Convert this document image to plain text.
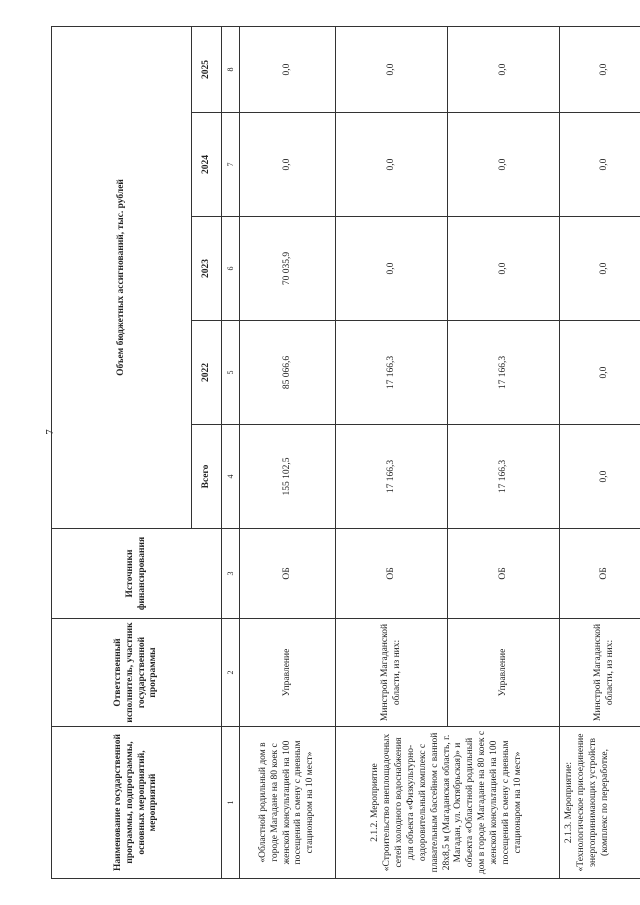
7
Наименование государственной программы, подпрограммы, основных мероприятий, мероприятий	Ответственный исполнитель, участник государственной программы	Источники финансирования	Объем бюджетных ассигнований, тыс. рублей				
			Всего	2022	2023	2024	2025
1	2	3	4	5	6	7	8
«Областной родильный дом в городе Магадане на 80 коек с женской консультацией на 100 посещений в смену с дневным стационаром на 10 мест»	Управление	ОБ	155 102,5	85 066,6	70 035,9	0,0	0,0
2.1.2. Мероприятие «Строительство внеплощадочных сетей холодного водоснабжения для объекта «Физкультурно-оздоровительный комплекс с плавательным бассейном с ванной 28х8,5 м (Магаданская область, г. Магадан, ул. Октябрьская)» и объекта «Областной родильный дом в городе Магадане на 80 коек с женской консультацией на 100 посещений в смену с дневным стационаром на 10 мест»	Минстрой Магаданской области, из них:	ОБ	17 166,3	17 166,3	0,0	0,0	0,0
	Управление	ОБ	17 166,3	17 166,3	0,0	0,0	0,0
2.1.3. Мероприятие: «Технологическое присоединение энергопринимающих устройств (комплекс по переработке,	Минстрой Магаданской области, из них:	ОБ	0,0	0,0	0,0	0,0	0,0
